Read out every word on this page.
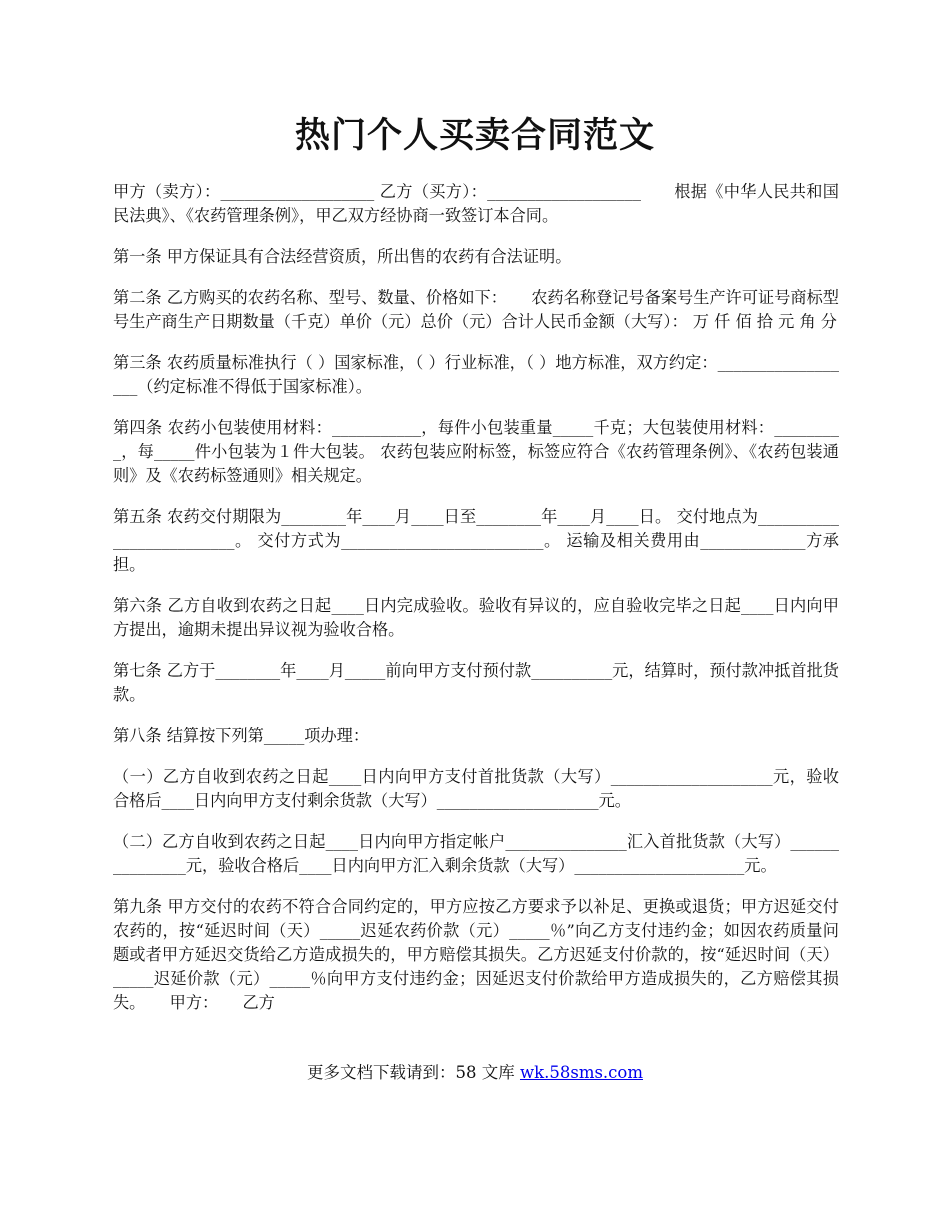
热门个人买卖合同范文

甲方（卖方）：___________________ 乙方（买方）：___________________　　根据《中华人民共和国民法典》、《农药管理条例》，甲乙双方经协商一致签订本合同。

第一条 甲方保证具有合法经营资质，所出售的农药有合法证明。

第二条 乙方购买的农药名称、型号、数量、价格如下：　　农药名称登记号备案号生产许可证号商标型号生产商生产日期数量（千克）单价（元）总价（元）合计人民币金额（大写）： 万 仟 佰 拾 元 角 分

第三条 农药质量标准执行（ ）国家标准，（ ）行业标准，（ ）地方标准，双方约定：__________________（约定标准不得低于国家标准）。

第四条 农药小包装使用材料：___________，每件小包装重量_____千克；大包装使用材料：_________，每_____件小包装为１件大包装。 农药包装应附标签，标签应符合《农药管理条例》、《农药包装通则》及《农药标签通则》相关规定。

第五条 农药交付期限为________年____月____日至________年____月____日。 交付地点为_________________________。 交付方式为_________________________。 运输及相关费用由_____________方承担。

第六条 乙方自收到农药之日起____日内完成验收。验收有异议的，应自验收完毕之日起____日内向甲方提出，逾期未提出异议视为验收合格。

第七条 乙方于________年____月_____前向甲方支付预付款__________元，结算时，预付款冲抵首批货款。

第八条 结算按下列第_____项办理：

（一）乙方自收到农药之日起____日内向甲方支付首批货款（大写）____________________元，验收合格后____日内向甲方支付剩余货款（大写）____________________元。

（二）乙方自收到农药之日起____日内向甲方指定帐户_______________汇入首批货款（大写）_______________元，验收合格后____日内向甲方汇入剩余货款（大写）_____________________元。

第九条 甲方交付的农药不符合合同约定的，甲方应按乙方要求予以补足、更换或退货；甲方迟延交付农药的，按“延迟时间（天）_____迟延农药价款（元）_____％”向乙方支付违约金；如因农药质量问题或者甲方延迟交货给乙方造成损失的，甲方赔偿其损失。乙方迟延支付价款的，按“延迟时间（天）_____迟延价款（元）_____％向甲方支付违约金；因延迟支付价款给甲方造成损失的，乙方赔偿其损失。　　甲方：　　乙方

更多文档下载请到：58 文库 wk.58sms.com
